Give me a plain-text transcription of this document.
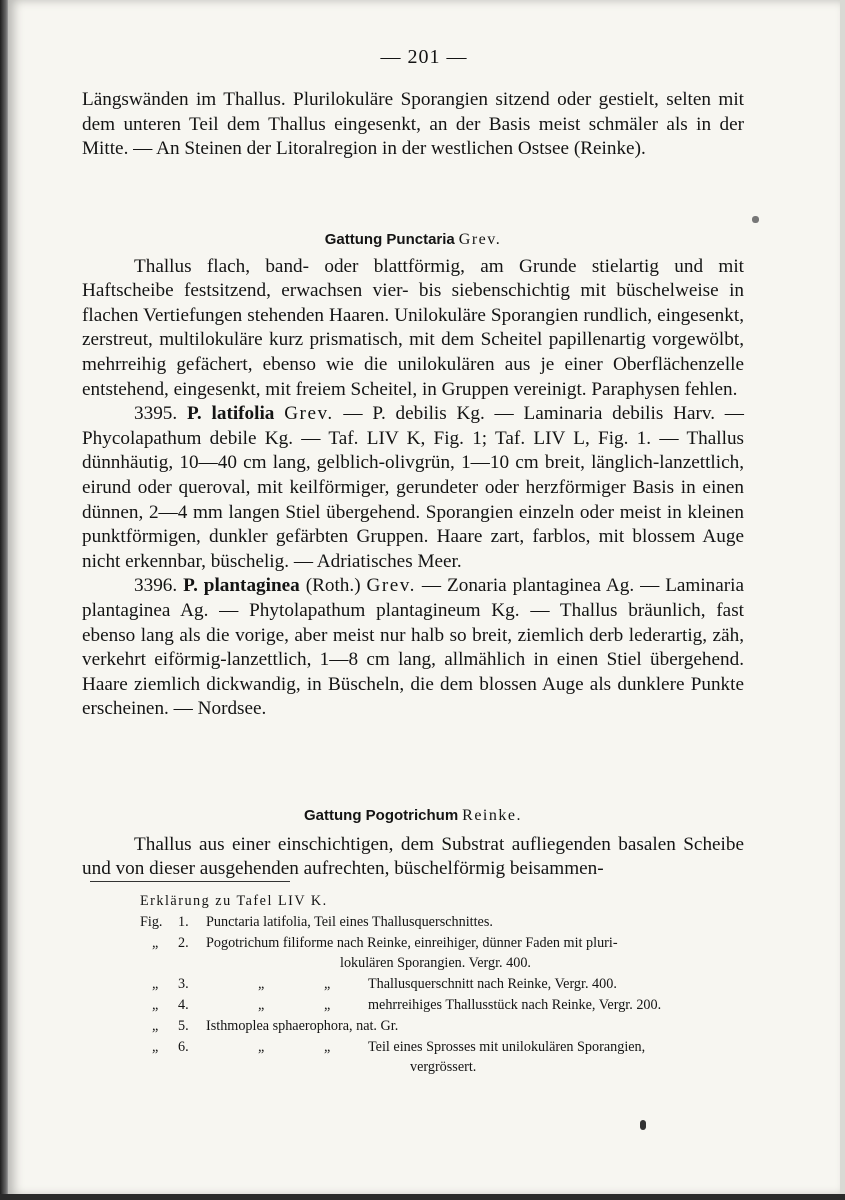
— 201 —

Längswänden im Thallus. Plurilokuläre Sporangien sitzend oder gestielt, selten mit dem unteren Teil dem Thallus eingesenkt, an der Basis meist schmäler als in der Mitte. — An Steinen der Litoralregion in der westlichen Ostsee (Reinke).

Gattung Punctaria Grev.

Thallus flach, band- oder blattförmig, am Grunde stielartig und mit Haftscheibe festsitzend, erwachsen vier- bis siebenschichtig mit büschelweise in flachen Vertiefungen stehenden Haaren. Unilokuläre Sporangien rundlich, eingesenkt, zerstreut, multilokuläre kurz prismatisch, mit dem Scheitel papillenartig vorgewölbt, mehrreihig gefächert, ebenso wie die unilokulären aus je einer Oberflächenzelle entstehend, eingesenkt, mit freiem Scheitel, in Gruppen vereinigt. Paraphysen fehlen.

3395. P. latifolia Grev. — P. debilis Kg. — Laminaria debilis Harv. — Phycolapathum debile Kg. — Taf. LIV K, Fig. 1; Taf. LIV L, Fig. 1. — Thallus dünnhäutig, 10—40 cm lang, gelblich-olivgrün, 1—10 cm breit, länglich-lanzettlich, eirund oder queroval, mit keilförmiger, gerundeter oder herzförmiger Basis in einen dünnen, 2—4 mm langen Stiel übergehend. Sporangien einzeln oder meist in kleinen punktförmigen, dunkler gefärbten Gruppen. Haare zart, farblos, mit blossem Auge nicht erkennbar, büschelig. — Adriatisches Meer.

3396. P. plantaginea (Roth.) Grev. — Zonaria plantaginea Ag. — Laminaria plantaginea Ag. — Phytolapathum plantagineum Kg. — Thallus bräunlich, fast ebenso lang als die vorige, aber meist nur halb so breit, ziemlich derb lederartig, zäh, verkehrt eiförmig-lanzettlich, 1—8 cm lang, allmählich in einen Stiel übergehend. Haare ziemlich dickwandig, in Büscheln, die dem blossen Auge als dunklere Punkte erscheinen. — Nordsee.

Gattung Pogotrichum Reinke.

Thallus aus einer einschichtigen, dem Substrat aufliegenden basalen Scheibe und von dieser ausgehenden aufrechten, büschelförmig beisammen-

Erklärung zu Tafel LIV K.
Fig.	1.	Punctaria latifolia, Teil eines Thallusquerschnittes.
„	2.	Pogotrichum filiforme nach Reinke, einreihiger, dünner Faden mit pluri-
lokulären Sporangien. Vergr. 400.
„	3.	„	„	Thallusquerschnitt nach Reinke, Vergr. 400.
„	4.	„	„	mehrreihiges Thallusstück nach Reinke, Vergr. 200.
„	5.	Isthmoplea sphaerophora, nat. Gr.
„	6.	„	„	Teil eines Sprosses mit unilokulären Sporangien,
vergrössert.
